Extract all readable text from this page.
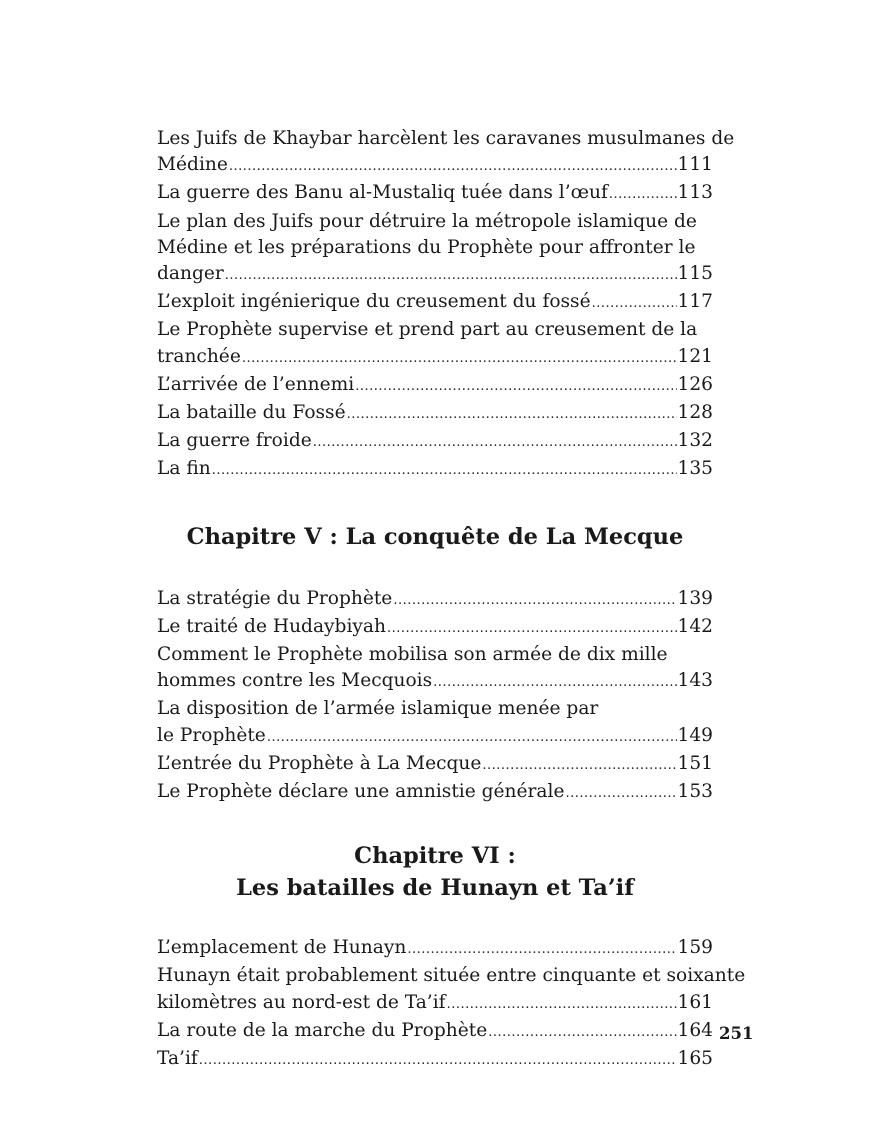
Les Juifs de Khaybar harcèlent les caravanes musulmanes de
Médine .....	111
La guerre des Banu al-Mustaliq tuée dans l’œuf .....	113
Le plan des Juifs pour détruire la métropole islamique de
Médine et les préparations du Prophète pour affronter le
danger .....	115
L’exploit ingénierique du creusement du fossé .....	117
Le Prophète supervise et prend part au creusement de la
tranchée .....	121
L’arrivée de l’ennemi .....	126
La bataille du Fossé .....	128
La guerre froide .....	132
La fin .....	135
Chapitre V : La conquête de La Mecque
La stratégie du Prophète .....	139
Le traité de Hudaybiyah .....	142
Comment le Prophète mobilisa son armée de dix mille
hommes contre les Mecquois .....	143
La disposition de l’armée islamique menée par
le Prophète .....	149
L’entrée du Prophète à La Mecque .....	151
Le Prophète déclare une amnistie générale .....	153
Chapitre VI :
Les batailles de Hunayn et Ta’if
L’emplacement de Hunayn .....	159
Hunayn était probablement située entre cinquante et soixante
kilomètres au nord-est de Ta’if .....	161
La route de la marche du Prophète .....	164
Ta’if .....	165
251
